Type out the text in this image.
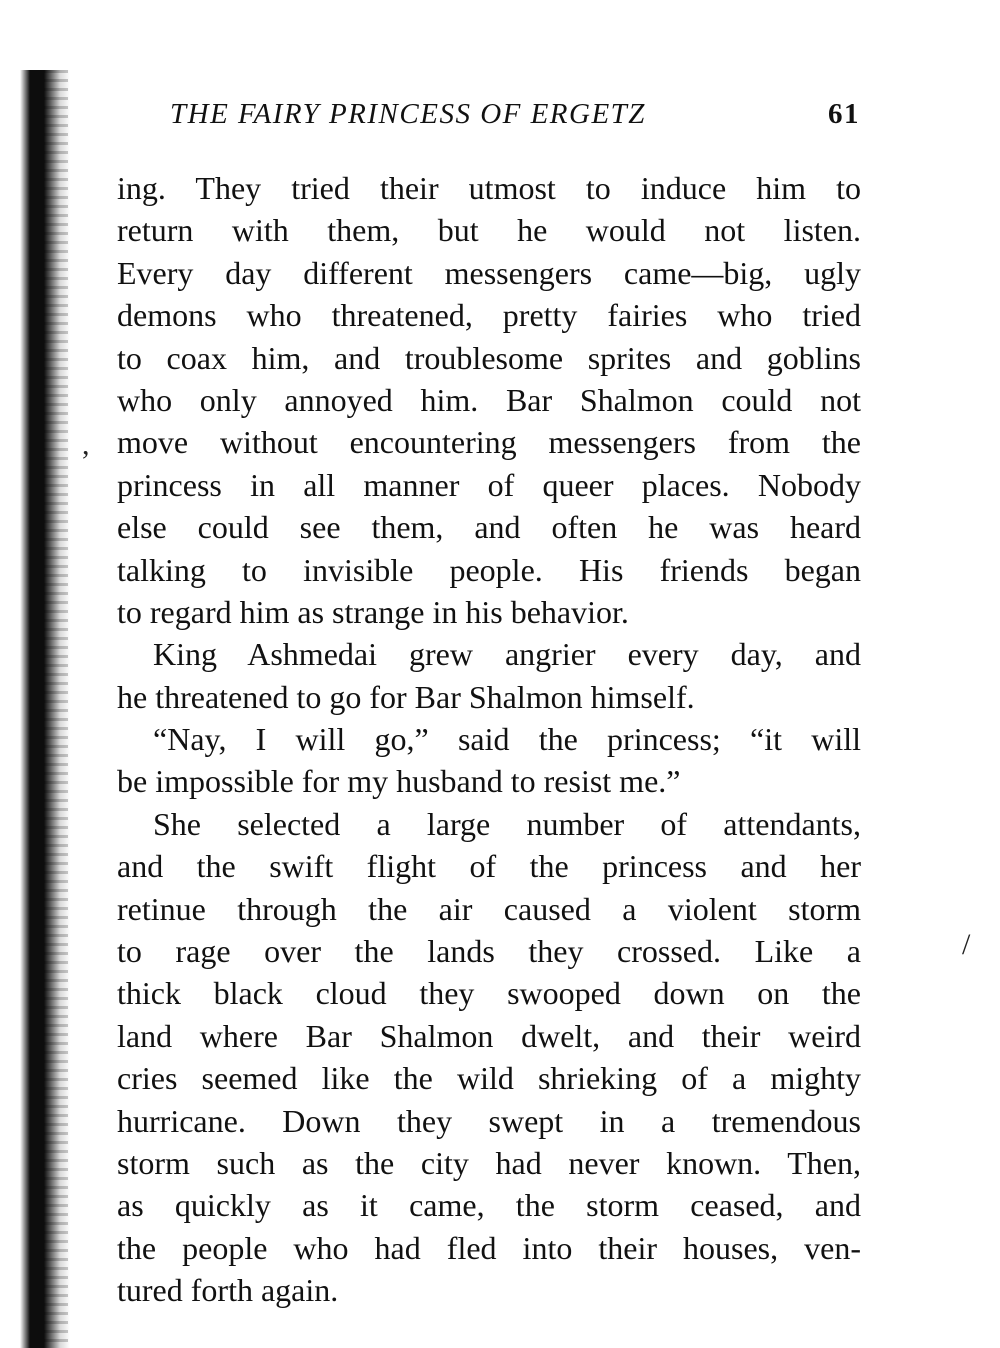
THE FAIRY PRINCESS OF ERGETZ	61
ing. They tried their utmost to induce him to
return with them, but he would not listen.
Every day different messengers came—big, ugly
demons who threatened, pretty fairies who tried
to coax him, and troublesome sprites and goblins
who only annoyed him. Bar Shalmon could not
move without encountering messengers from the
princess in all manner of queer places. Nobody
else could see them, and often he was heard
talking to invisible people. His friends began
to regard him as strange in his behavior.
King Ashmedai grew angrier every day, and
he threatened to go for Bar Shalmon himself.
“Nay, I will go,” said the princess; “it will
be impossible for my husband to resist me.”
She selected a large number of attendants,
and the swift flight of the princess and her
retinue through the air caused a violent storm
to rage over the lands they crossed. Like a
thick black cloud they swooped down on the
land where Bar Shalmon dwelt, and their weird
cries seemed like the wild shrieking of a mighty
hurricane. Down they swept in a tremendous
storm such as the city had never known. Then,
as quickly as it came, the storm ceased, and
the people who had fled into their houses, ven-
tured forth again.
,
/
